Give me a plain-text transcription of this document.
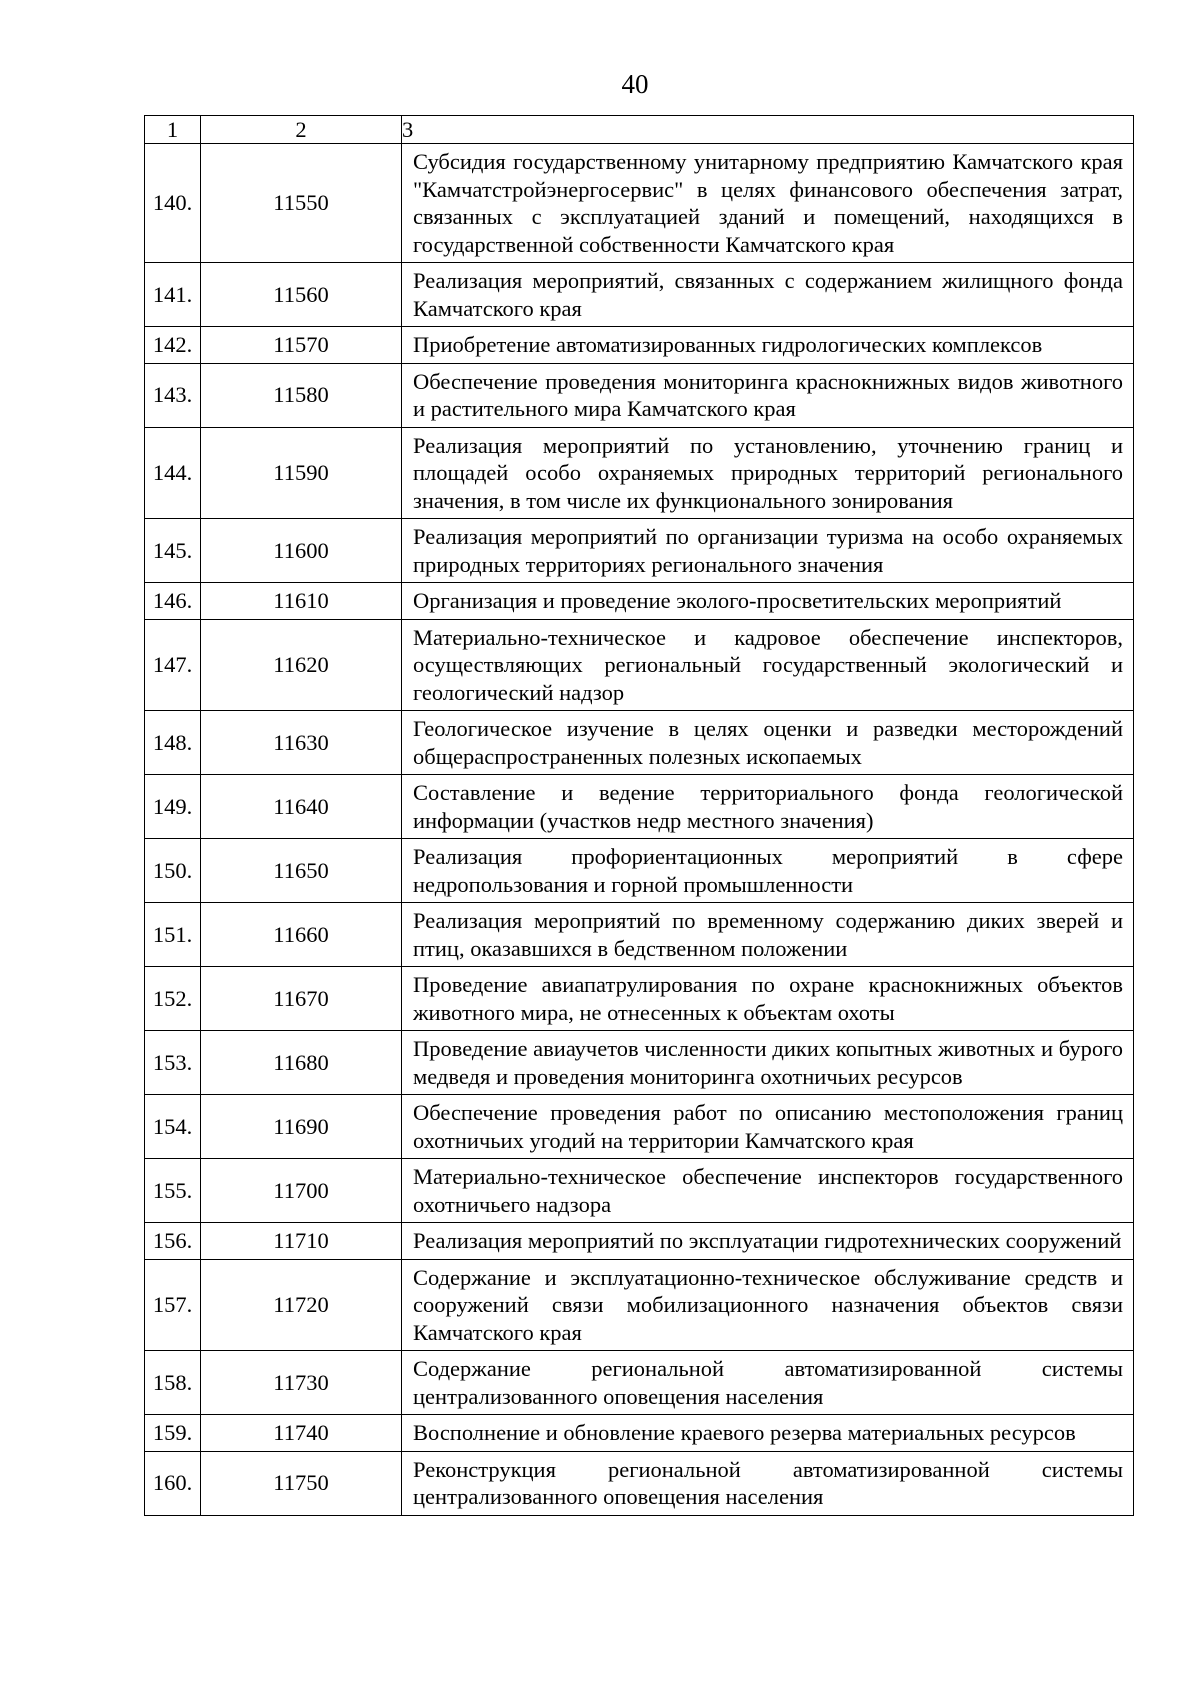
40
1	2	3
140.	11550	Субсидия государственному унитарному предприятию Камчатского края "Камчатстройэнергосервис" в целях финансового обеспечения затрат, связанных с эксплуатацией зданий и помещений, находящихся в государственной собственности Камчатского края
141.	11560	Реализация мероприятий, связанных с содержанием жилищного фонда Камчатского края
142.	11570	Приобретение автоматизированных гидрологических комплексов
143.	11580	Обеспечение проведения мониторинга краснокнижных видов животного и растительного мира Камчатского края
144.	11590	Реализация мероприятий по установлению, уточнению границ и площадей особо охраняемых природных территорий регионального значения, в том числе их функционального зонирования
145.	11600	Реализация мероприятий по организации туризма на особо охраняемых природных территориях регионального значения
146.	11610	Организация и проведение эколого-просветительских мероприятий
147.	11620	Материально-техническое и кадровое обеспечение инспекторов, осуществляющих региональный государственный экологический и геологический надзор
148.	11630	Геологическое изучение в целях оценки и разведки месторождений общераспространенных полезных ископаемых
149.	11640	Составление и ведение территориального фонда геологической информации (участков недр местного значения)
150.	11650	Реализация профориентационных мероприятий в сфере недропользования и горной промышленности
151.	11660	Реализация мероприятий по временному содержанию диких зверей и птиц, оказавшихся в бедственном положении
152.	11670	Проведение авиапатрулирования по охране краснокнижных объектов животного мира, не отнесенных к объектам охоты
153.	11680	Проведение авиаучетов численности диких копытных животных и бурого медведя и проведения мониторинга охотничьих ресурсов
154.	11690	Обеспечение проведения работ по описанию местоположения границ охотничьих угодий на территории Камчатского края
155.	11700	Материально-техническое обеспечение инспекторов государственного охотничьего надзора
156.	11710	Реализация мероприятий по эксплуатации гидротехнических сооружений
157.	11720	Содержание и эксплуатационно-техническое обслуживание средств и сооружений связи мобилизационного назначения объектов связи Камчатского края
158.	11730	Содержание региональной автоматизированной системы централизованного оповещения населения
159.	11740	Восполнение и обновление краевого резерва материальных ресурсов
160.	11750	Реконструкция региональной автоматизированной системы централизованного оповещения населения
